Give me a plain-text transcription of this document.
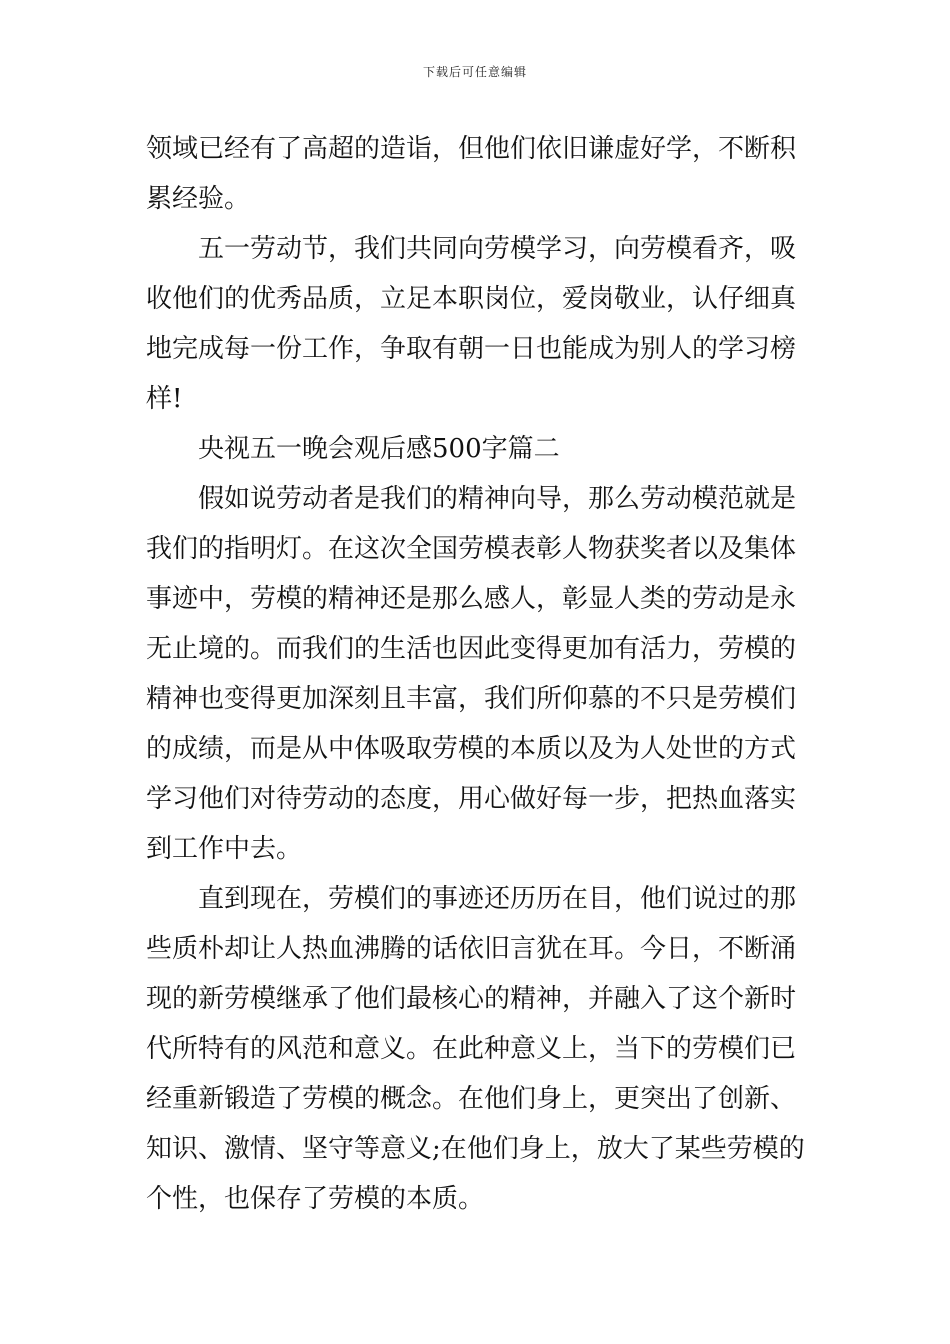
下载后可任意编辑

领域已经有了高超的造诣，但他们依旧谦虚好学，不断积
累经验。

五一劳动节，我们共同向劳模学习，向劳模看齐，吸
收他们的优秀品质，立足本职岗位，爱岗敬业，认仔细真
地完成每一份工作，争取有朝一日也能成为别人的学习榜
样!

央视五一晚会观后感500字篇二

假如说劳动者是我们的精神向导，那么劳动模范就是
我们的指明灯。在这次全国劳模表彰人物获奖者以及集体
事迹中，劳模的精神还是那么感人，彰显人类的劳动是永
无止境的。而我们的生活也因此变得更加有活力，劳模的
精神也变得更加深刻且丰富，我们所仰慕的不只是劳模们
的成绩，而是从中体吸取劳模的本质以及为人处世的方式
学习他们对待劳动的态度，用心做好每一步，把热血落实
到工作中去。

直到现在，劳模们的事迹还历历在目，他们说过的那
些质朴却让人热血沸腾的话依旧言犹在耳。今日，不断涌
现的新劳模继承了他们最核心的精神，并融入了这个新时
代所特有的风范和意义。在此种意义上，当下的劳模们已
经重新锻造了劳模的概念。在他们身上，更突出了创新、
知识、激情、坚守等意义;在他们身上，放大了某些劳模的
个性，也保存了劳模的本质。
